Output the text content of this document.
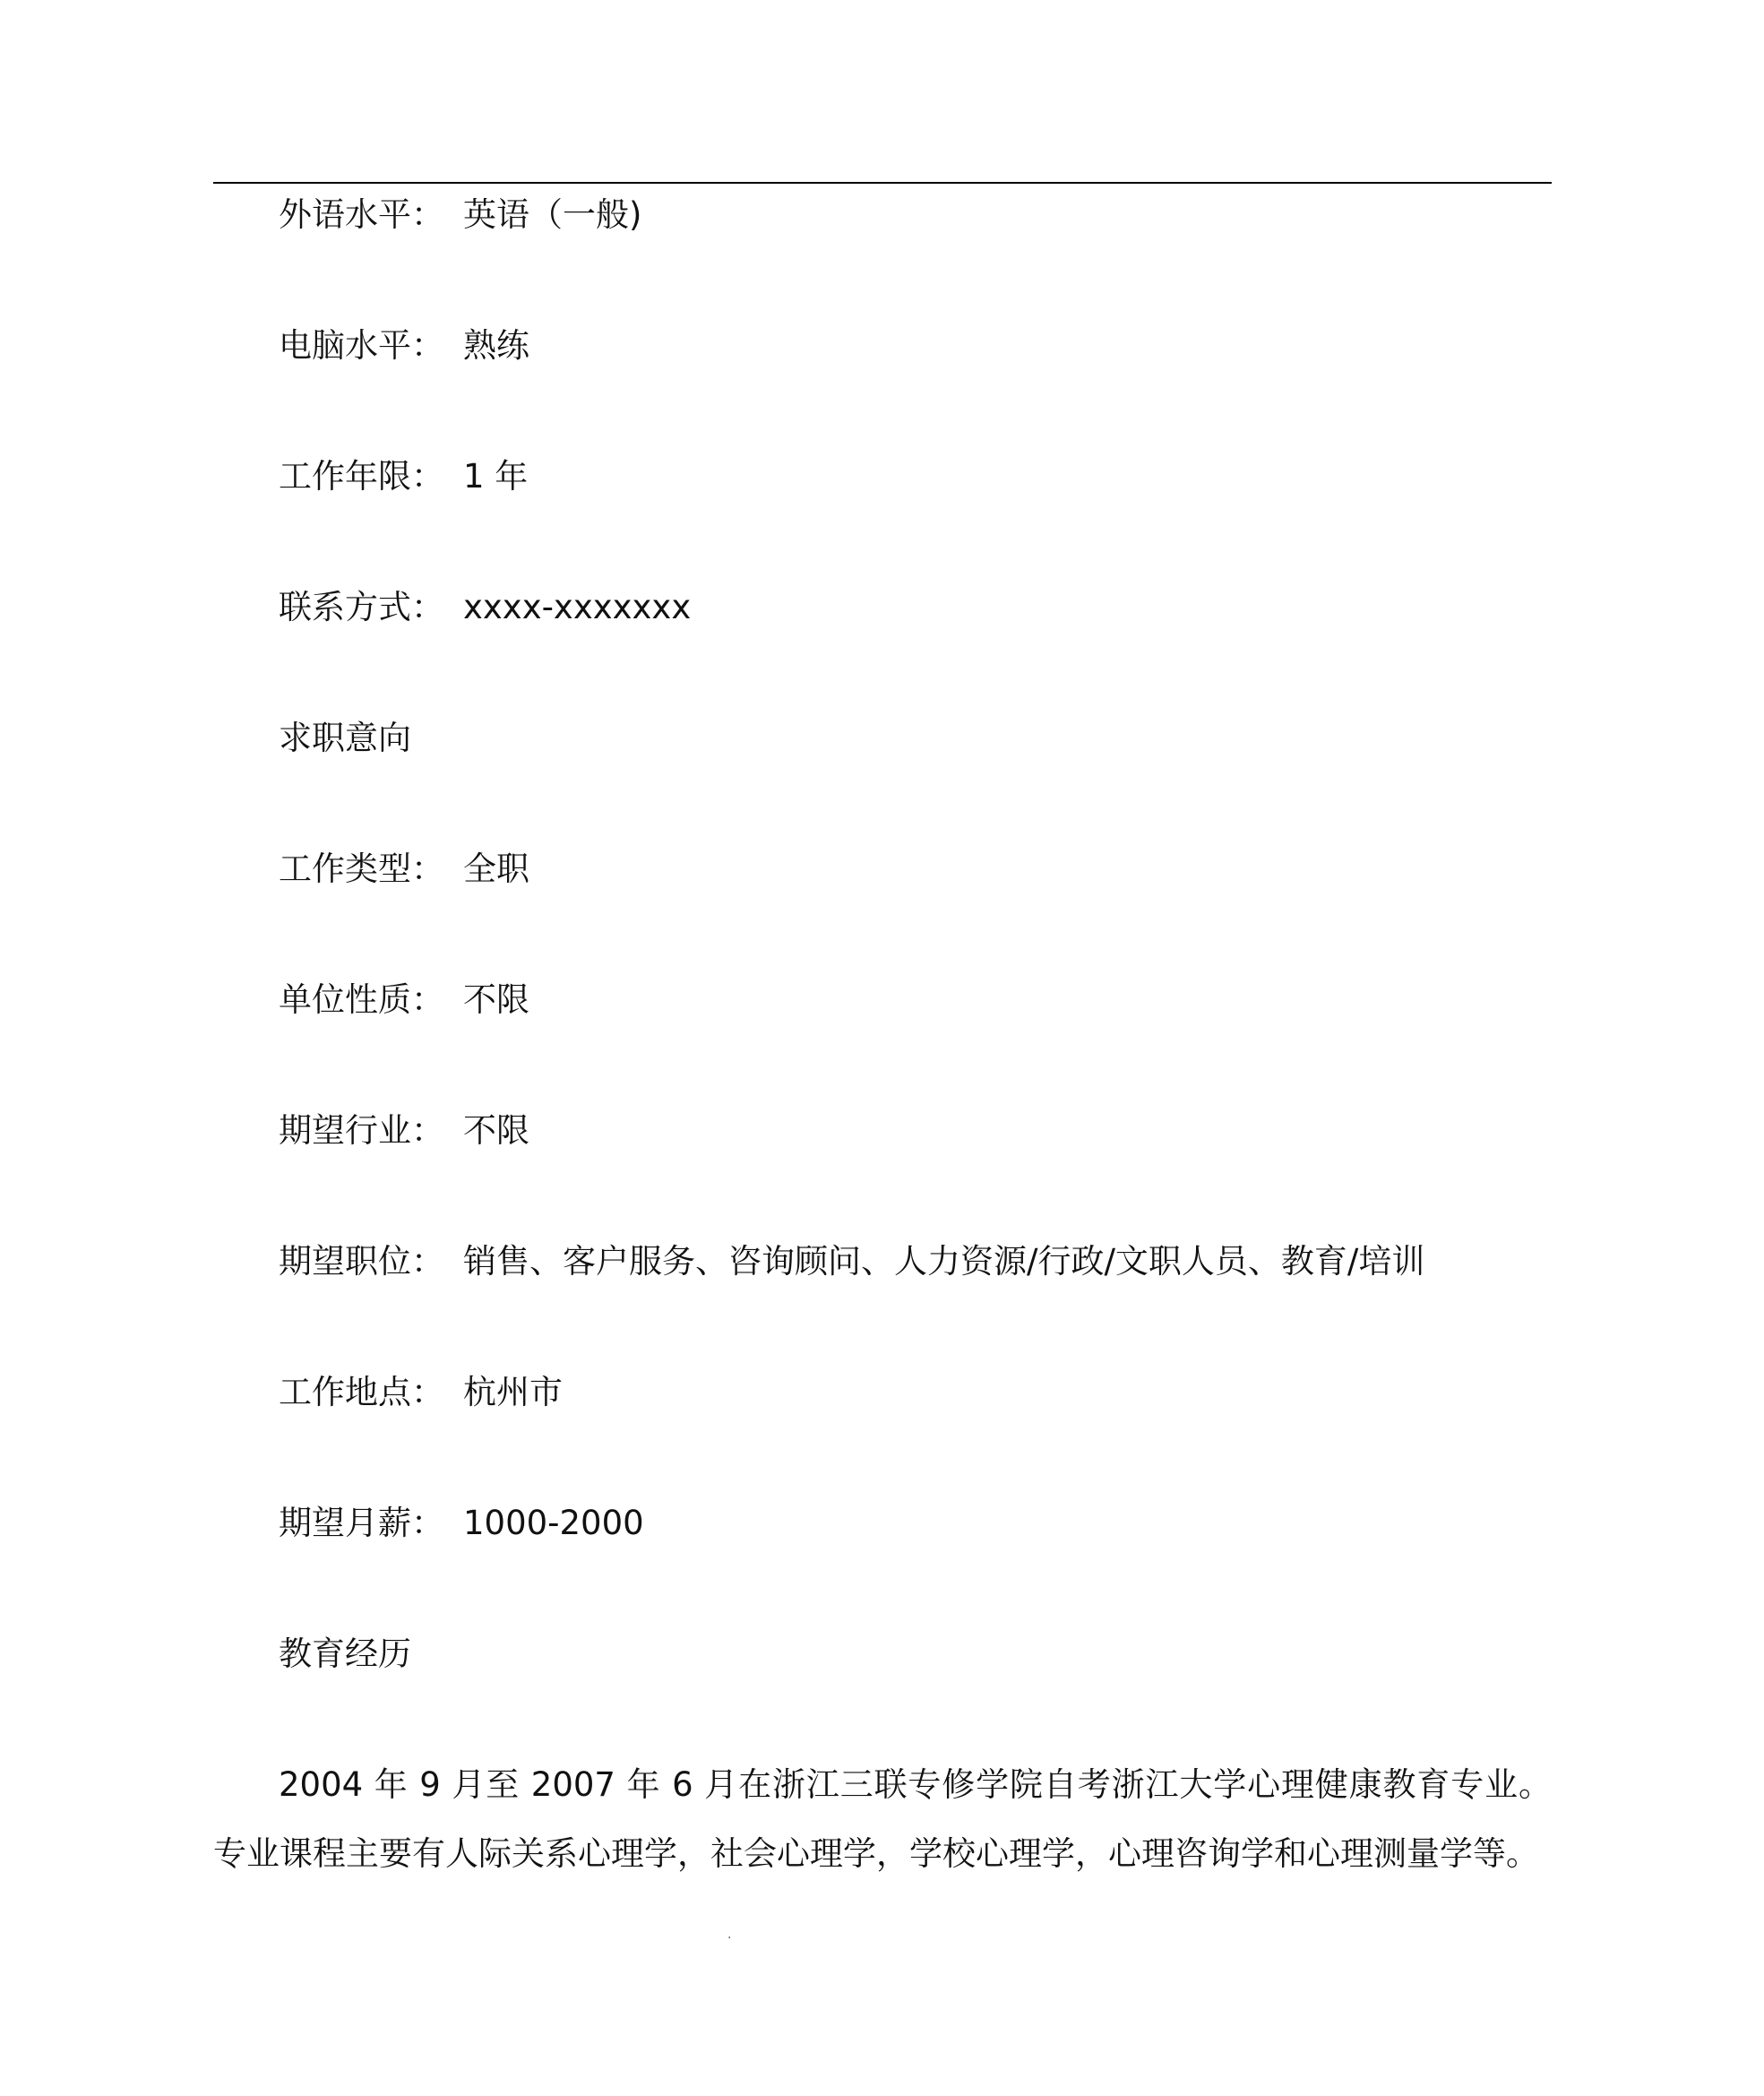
外语水平： 英语（一般)
电脑水平： 熟练
工作年限： 1 年
联系方式： xxxx-xxxxxxx
求职意向
工作类型： 全职
单位性质： 不限
期望行业： 不限
期望职位： 销售、客户服务、咨询顾问、人力资源/行政/文职人员、教育/培训
工作地点： 杭州市
期望月薪： 1000-2000
教育经历
2004 年 9 月至 2007 年 6 月在浙江三联专修学院自考浙江大学心理健康教育专业。专业课程主要有人际关系心理学，社会心理学，学校心理学，心理咨询学和心理测量学等。
.
